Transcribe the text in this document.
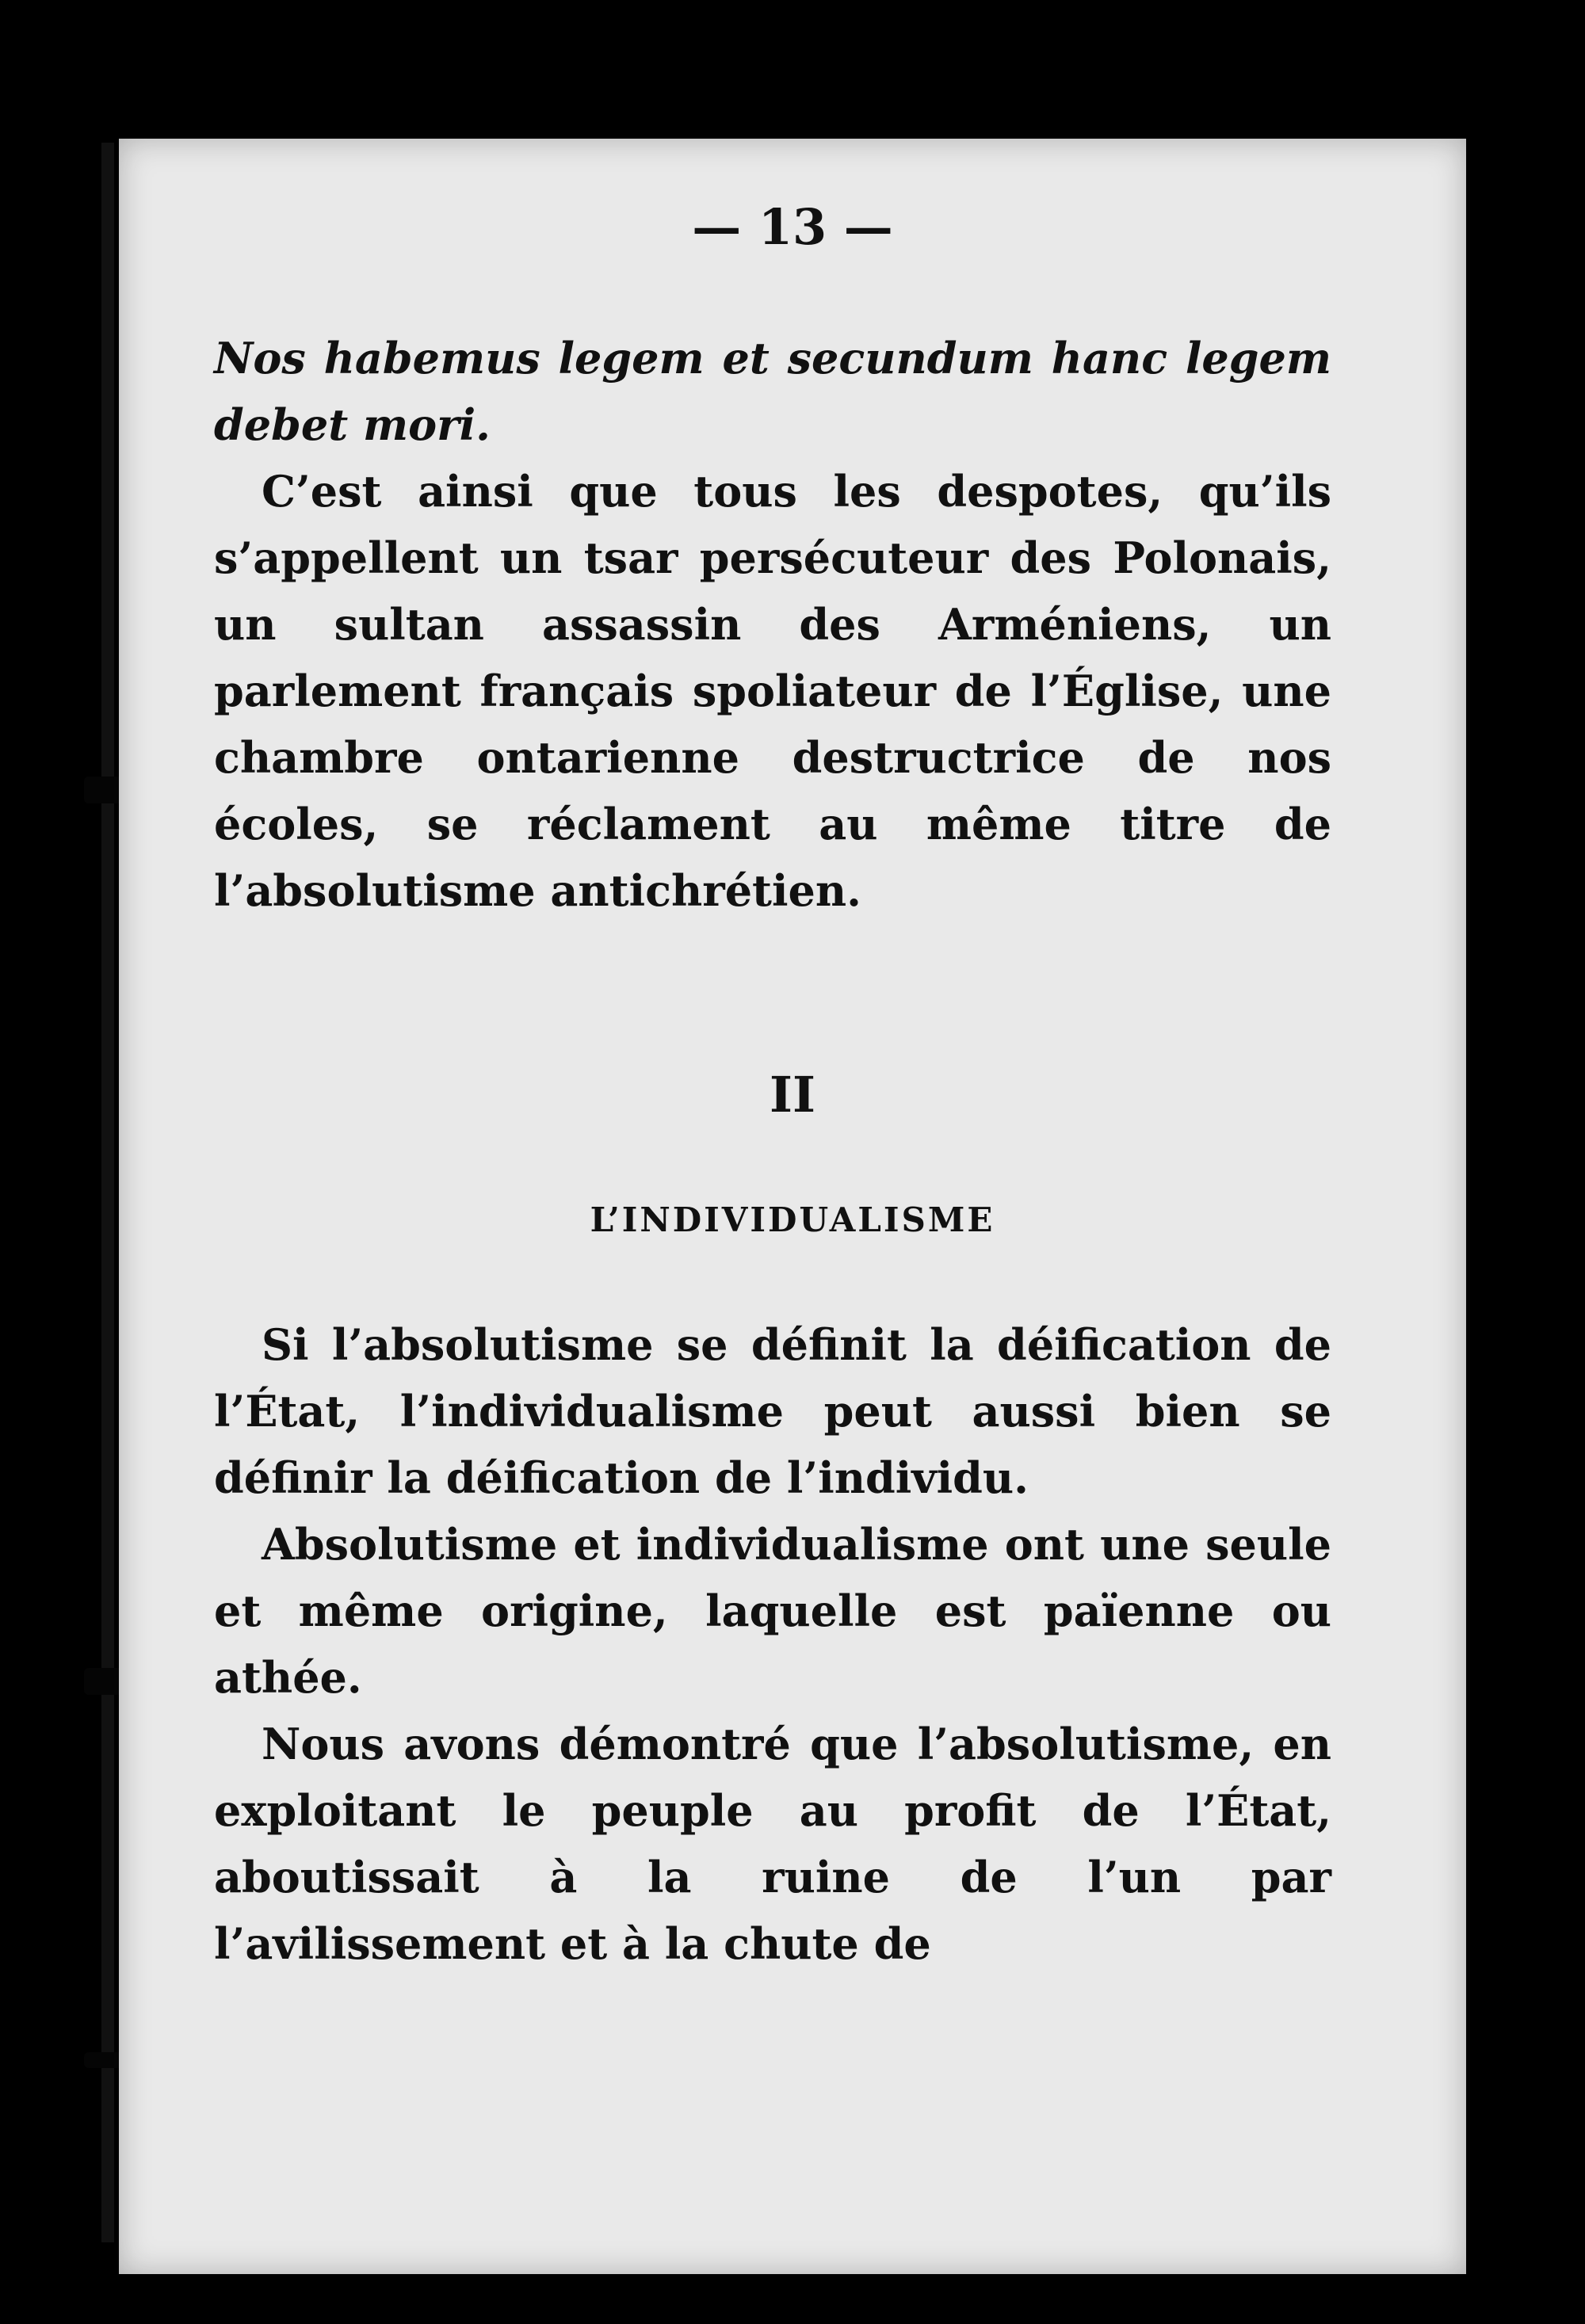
— 13 —

Nos habemus legem et secundum hanc legem debet mori.

C’est ainsi que tous les despotes, qu’ils s’appellent un tsar persécuteur des Polonais, un sultan assassin des Arméniens, un parlement français spoliateur de l’Église, une chambre ontarienne destructrice de nos écoles, se réclament au même titre de l’absolutisme antichrétien.

II
L’INDIVIDUALISME

Si l’absolutisme se définit la déification de l’État, l’individualisme peut aussi bien se définir la déification de l’individu.

Absolutisme et individualisme ont une seule et même origine, laquelle est païenne ou athée.

Nous avons démontré que l’absolutisme, en exploitant le peuple au profit de l’État, aboutissait à la ruine de l’un par l’avilissement et à la chute de
